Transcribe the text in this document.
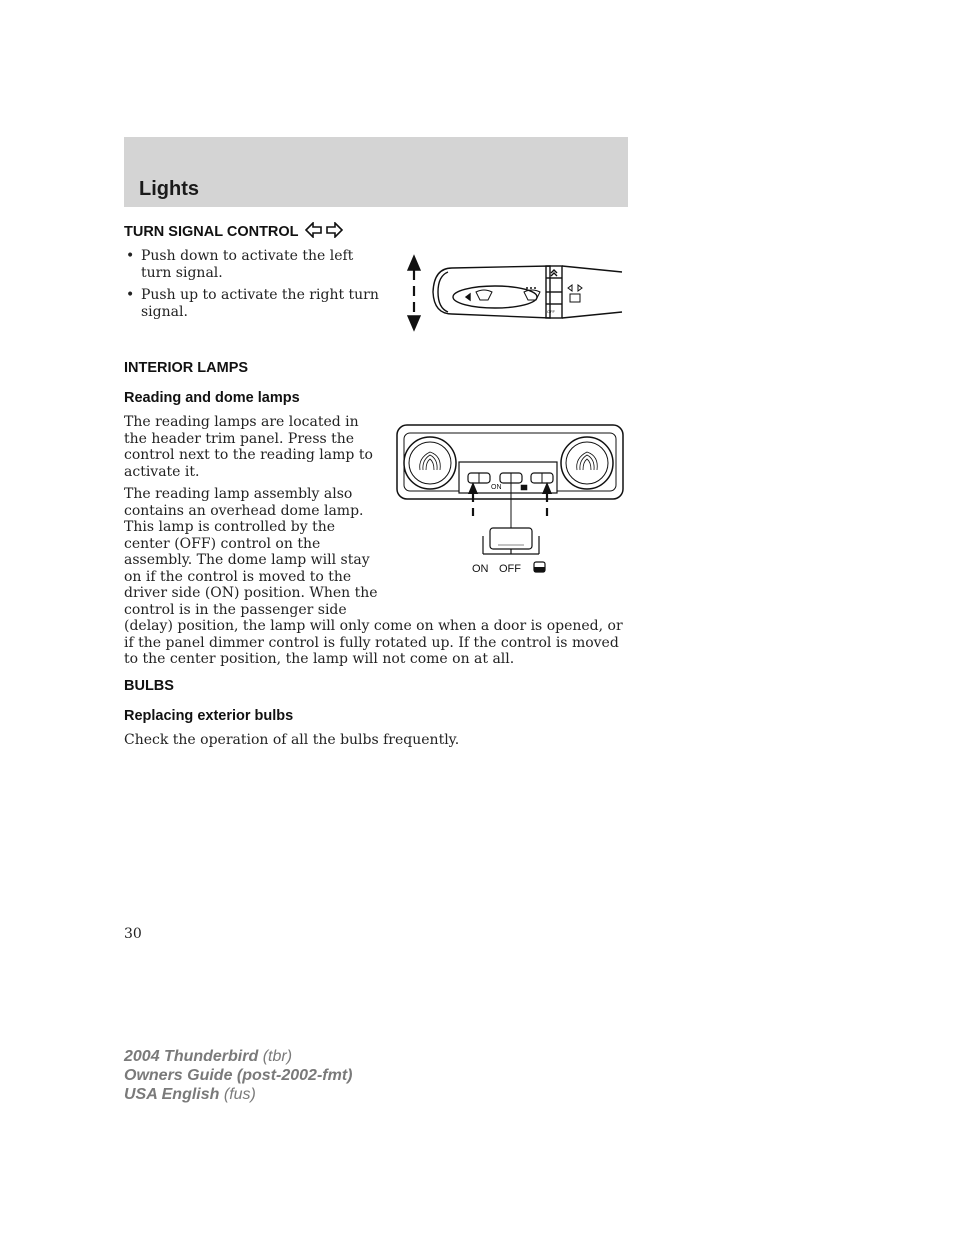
Lights
TURN SIGNAL CONTROL
• Push down to activate the left turn signal.
• Push up to activate the right turn signal.	OFF
INTERIOR LAMPS
Reading and dome lamps

The reading lamps are located in the header trim panel. Press the control next to the reading lamp to activate it.

The reading lamp assembly also contains an overhead dome lamp. This lamp is controlled by the center (OFF) control on the assembly. The dome lamp will stay on if the control is moved to the driver side (ON) position. When the control is in the passenger side (delay) position, the lamp will only come on when a door is opened, or if the panel dimmer control is fully rotated up. If the control is moved to the center position, the lamp will not come on at all.

ON
ON OFF
BULBS
Replacing exterior bulbs

Check the operation of all the bulbs frequently.

30
2004 Thunderbird (tbr)
Owners Guide (post-2002-fmt)
USA English (fus)
